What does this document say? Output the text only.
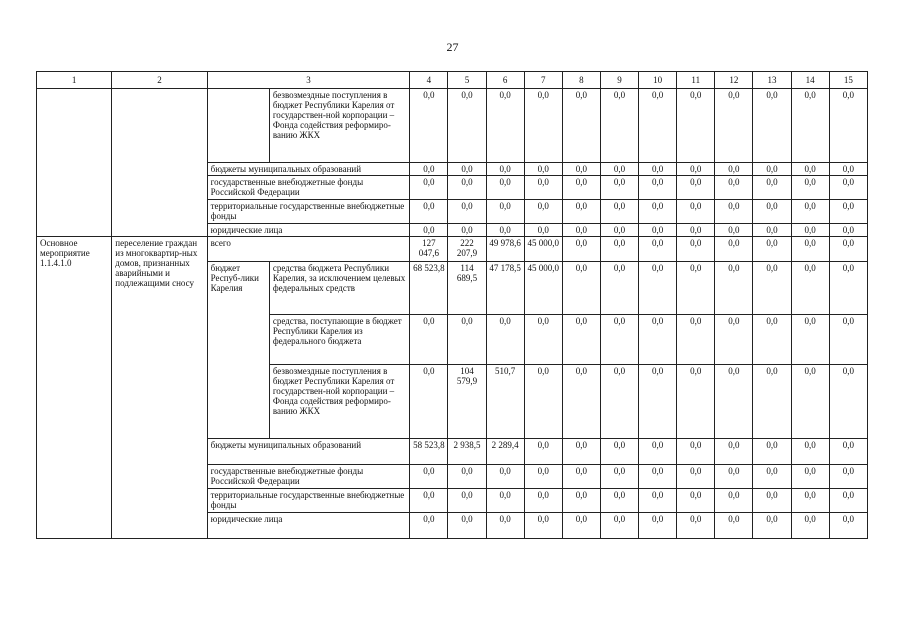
27
1	2	3		4	5	6	7	8	9	10	11	12	13	14	15
			безвозмездные поступления в бюджет Республики Карелия от государствен-ной корпорации – Фонда содействия реформиро-ванию ЖКХ	0,0	0,0	0,0	0,0	0,0	0,0	0,0	0,0	0,0	0,0	0,0	0,0
		бюджеты муниципальных образований		0,0	0,0	0,0	0,0	0,0	0,0	0,0	0,0	0,0	0,0	0,0	0,0
		государственные внебюджетные фонды Российской Федерации		0,0	0,0	0,0	0,0	0,0	0,0	0,0	0,0	0,0	0,0	0,0	0,0
		территориальные государственные внебюджетные фонды		0,0	0,0	0,0	0,0	0,0	0,0	0,0	0,0	0,0	0,0	0,0	0,0
		юридические лица		0,0	0,0	0,0	0,0	0,0	0,0	0,0	0,0	0,0	0,0	0,0	0,0
Основное мероприятие 1.1.4.1.0	переселение граждан из многоквартир-ных домов, признанных аварийными и подлежащими сносу	всего		127 047,6	222 207,9	49 978,6	45 000,0	0,0	0,0	0,0	0,0	0,0	0,0	0,0	0,0
		бюджет Респуб-лики Карелия	средства бюджета Республики Карелия, за исключением целевых федеральных средств	68 523,8	114 689,5	47 178,5	45 000,0	0,0	0,0	0,0	0,0	0,0	0,0	0,0	0,0
			средства, поступающие в бюджет Республики Карелия из федерального бюджета	0,0	0,0	0,0	0,0	0,0	0,0	0,0	0,0	0,0	0,0	0,0	0,0
			безвозмездные поступления в бюджет Республики Карелия от государствен-ной корпорации – Фонда содействия реформиро-ванию ЖКХ	0,0	104 579,9	510,7	0,0	0,0	0,0	0,0	0,0	0,0	0,0	0,0	0,0
		бюджеты муниципальных образований		58 523,8	2 938,5	2 289,4	0,0	0,0	0,0	0,0	0,0	0,0	0,0	0,0	0,0
		государственные внебюджетные фонды Российской Федерации		0,0	0,0	0,0	0,0	0,0	0,0	0,0	0,0	0,0	0,0	0,0	0,0
		территориальные государственные внебюджетные фонды		0,0	0,0	0,0	0,0	0,0	0,0	0,0	0,0	0,0	0,0	0,0	0,0
		юридические лица		0,0	0,0	0,0	0,0	0,0	0,0	0,0	0,0	0,0	0,0	0,0	0,0
